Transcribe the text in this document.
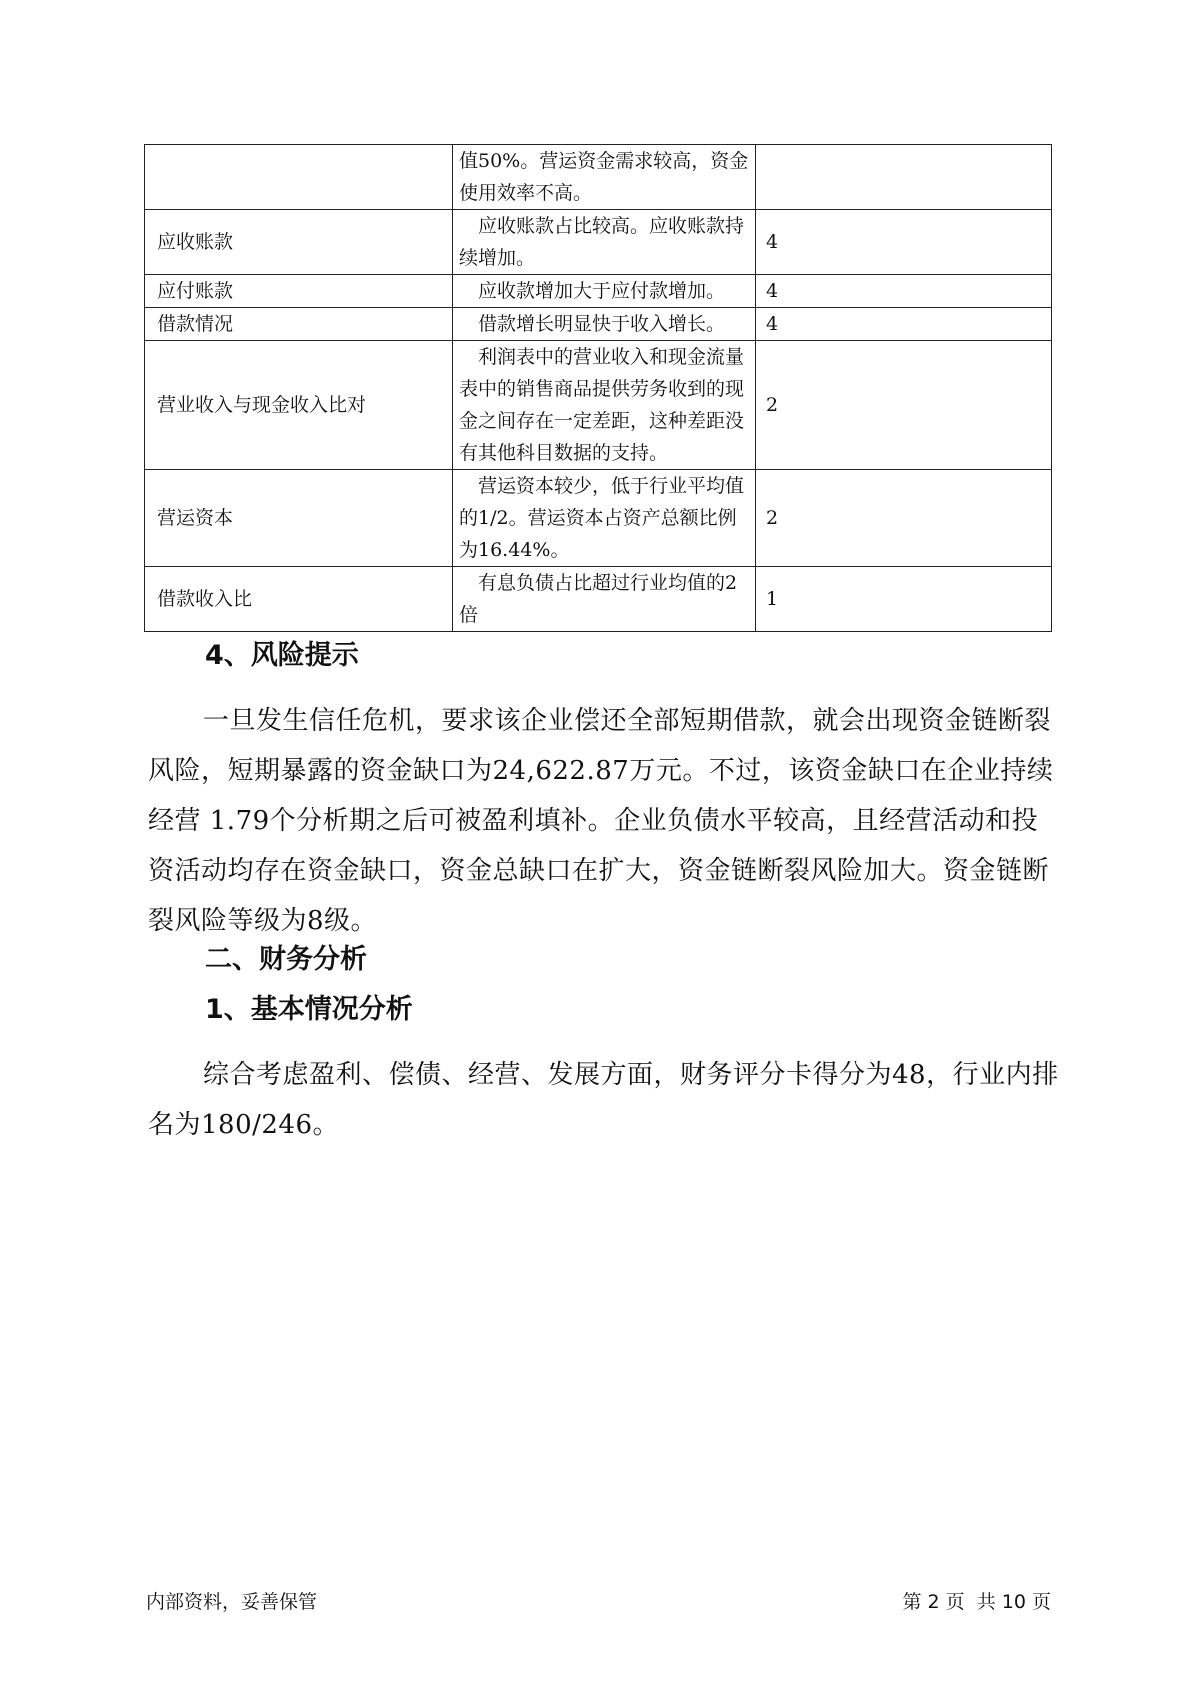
	值50%。营运资金需求较高，资金使用效率不高。	
应收账款	应收账款占比较高。应收账款持续增加。	4
应付账款	应收款增加大于应付款增加。	4
借款情况	借款增长明显快于收入增长。	4
营业收入与现金收入比对	利润表中的营业收入和现金流量表中的销售商品提供劳务收到的现金之间存在一定差距，这种差距没有其他科目数据的支持。	2
营运资本	营运资本较少，低于行业平均值的1/2。营运资本占资产总额比例为16.44%。	2
借款收入比	有息负债占比超过行业均值的2倍	1
4、风险提示

一旦发生信任危机，要求该企业偿还全部短期借款，就会出现资金链断裂风险，短期暴露的资金缺口为24,622.87万元。不过，该资金缺口在企业持续经营 1.79个分析期之后可被盈利填补。企业负债水平较高，且经营活动和投资活动均存在资金缺口，资金总缺口在扩大，资金链断裂风险加大。资金链断裂风险等级为8级。

二、财务分析
1、基本情况分析

综合考虑盈利、偿债、经营、发展方面，财务评分卡得分为48，行业内排名为180/246。

内部资料，妥善保管	第 2 页  共 10 页
